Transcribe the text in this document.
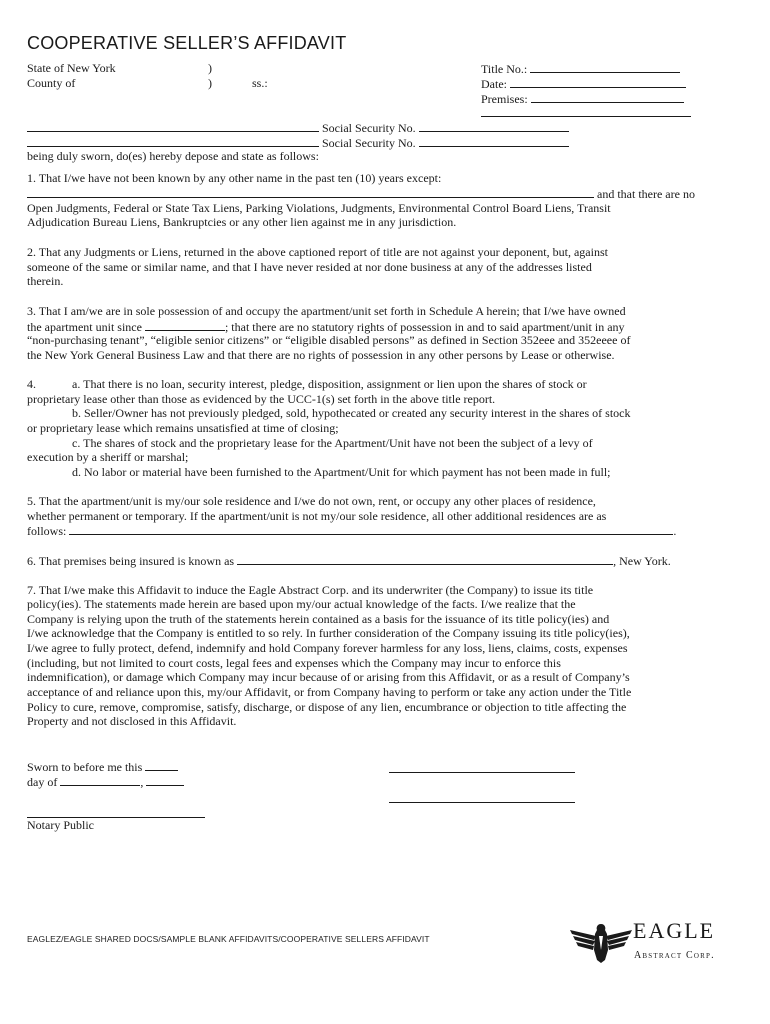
COOPERATIVE SELLER’S AFFIDAVIT
State of New York
County of
)
)	ss.:
Title No.:
Date:
Premises:
Social Security No.
Social Security No.
being duly sworn, do(es) hereby depose and state as follows:
1. That I/we have not been known by any other name in the past ten (10) years except:
and that there are no
Open Judgments, Federal or State Tax Liens, Parking Violations, Judgments, Environmental Control Board Liens, Transit
Adjudication Bureau Liens, Bankruptcies or any other lien against me in any jurisdiction.
2. That any Judgments or Liens, returned in the above captioned report of title are not against your deponent, but, against
someone of the same or similar name, and that I have never resided at nor done business at any of the addresses listed
therein.
3. That I am/we are in sole possession of and occupy the apartment/unit set forth in Schedule A herein; that I/we have owned
the apartment unit since	; that there are no statutory rights of possession in and to said apartment/unit in any
“non-purchasing tenant”, “eligible senior citizens” or “eligible disabled persons” as defined in Section 352eee and 352eeee of
the New York General Business Law and that there are no rights of possession in any other persons by Lease or otherwise.
4.	a. That there is no loan, security interest, pledge, disposition, assignment or lien upon the shares of stock or
proprietary lease other than those as evidenced by the UCC-1(s) set forth in the above title report.
b. Seller/Owner has not previously pledged, sold, hypothecated or created any security interest in the shares of stock
or proprietary lease which remains unsatisfied at time of closing;
c. The shares of stock and the proprietary lease for the Apartment/Unit have not been the subject of a levy of
execution by a sheriff or marshal;
d. No labor or material have been furnished to the Apartment/Unit for which payment has not been made in full;
5. That the apartment/unit is my/our sole residence and I/we do not own, rent, or occupy any other places of residence,
whether permanent or temporary. If the apartment/unit is not my/our sole residence, all other additional residences are as
follows:	.
6. That premises being insured is known as	, New York.
7. That I/we make this Affidavit to induce the Eagle Abstract Corp. and its underwriter (the Company) to issue its title
policy(ies). The statements made herein are based upon my/our actual knowledge of the facts. I/we realize that the
Company is relying upon the truth of the statements herein contained as a basis for the issuance of its title policy(ies) and
I/we acknowledge that the Company is entitled to so rely. In further consideration of the Company issuing its title policy(ies),
I/we agree to fully protect, defend, indemnify and hold Company forever harmless for any loss, liens, claims, costs, expenses
(including, but not limited to court costs, legal fees and expenses which the Company may incur to enforce this
indemnification), or damage which Company may incur because of or arising from this Affidavit, or as a result of Company’s
acceptance of and reliance upon this, my/our Affidavit, or from Company having to perform or take any action under the Title
Policy to cure, remove, compromise, satisfy, discharge, or dispose of any lien, encumbrance or objection to title affecting the
Property and not disclosed in this Affidavit.
Sworn to before me this
day of	,
Notary Public
EAGLEZ/EAGLE SHARED DOCS/SAMPLE BLANK AFFIDAVITS/COOPERATIVE SELLERS AFFIDAVIT	EAGLE
Abstract Corp.
